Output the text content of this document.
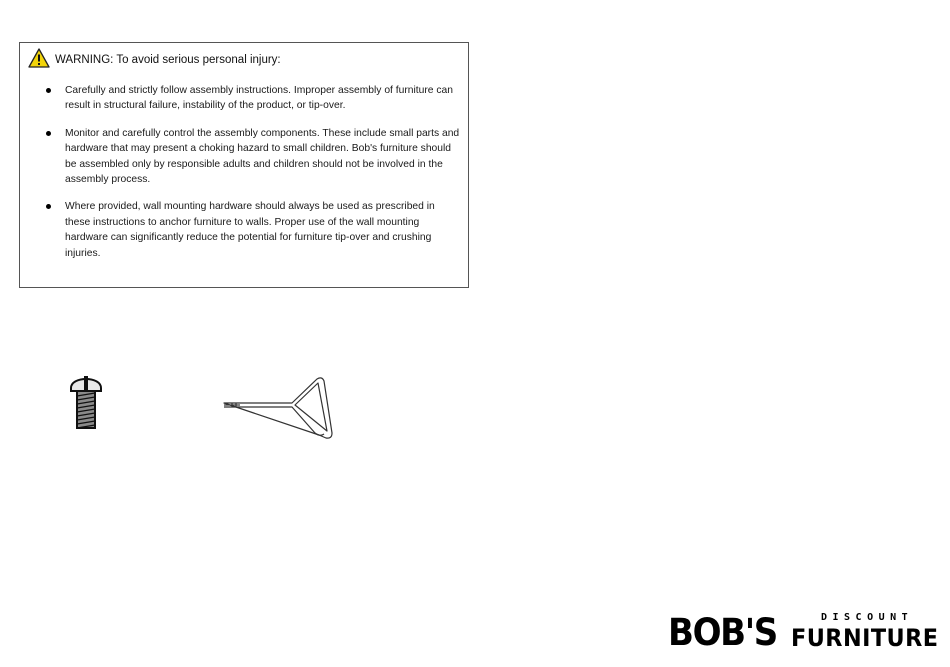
WARNING: To avoid serious personal injury:
Carefully and strictly follow assembly instructions. Improper assembly of furniture can result in structural failure, instability of the product, or tip-over.
Monitor and carefully control the assembly components. These include small parts and hardware that may present a choking hazard to small children. Bob's furniture should be assembled only by responsible adults and children should not be involved in the assembly process.
Where provided, wall mounting hardware should always be used as prescribed in these instructions to anchor furniture to walls. Proper use of the wall mounting hardware can significantly reduce the potential for furniture tip-over and crushing injuries.
BOB'S	DISCOUNT
FURNITURE
